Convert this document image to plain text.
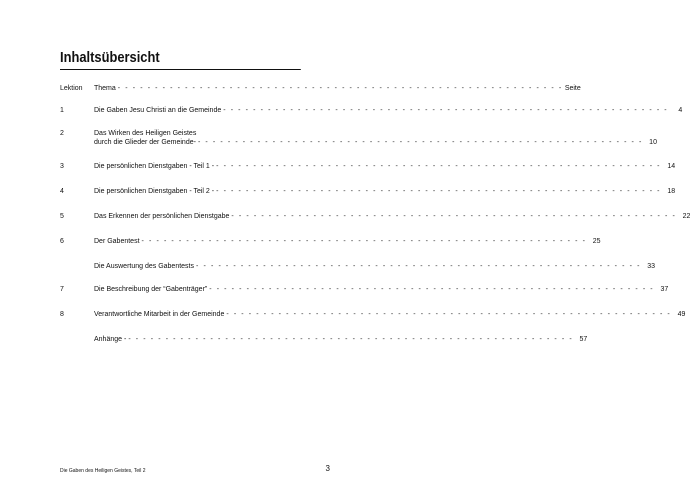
Inhaltsübersicht
Lektion	Thema - - - - - - - - - - - - - - - - - - - - - - - - - - - - - - - - - - - - - - - - - - - - - - - - - - - - - - - - - - - - Seite
1	Die Gaben Jesu Christi an die Gemeinde - - - - - - - - - - - - - - - - - - - - - - - - - - - - - - - - - - - - - - - - - - - - - - - - - - - - - - - - - - - -	4
2	Das Wirken des Heiligen Geistes
durch die Glieder der Gemeinde- - - - - - - - - - - - - - - - - - - - - - - - - - - - - - - - - - - - - - - - - - - - - - - - - - - - - - - - - - - - - 10
3	Die persönlichen Dienstgaben - Teil 1 - - - - - - - - - - - - - - - - - - - - - - - - - - - - - - - - - - - - - - - - - - - - - - - - - - - - - - - - - - - - - 14
4	Die persönlichen Dienstgaben - Teil 2 - - - - - - - - - - - - - - - - - - - - - - - - - - - - - - - - - - - - - - - - - - - - - - - - - - - - - - - - - - - - - 18
5	Das Erkennen der persönlichen Dienstgabe - - - - - - - - - - - - - - - - - - - - - - - - - - - - - - - - - - - - - - - - - - - - - - - - - - - - - - - - - - - - 22
6	Der Gabentest - - - - - - - - - - - - - - - - - - - - - - - - - - - - - - - - - - - - - - - - - - - - - - - - - - - - - - - - - - - - 25
Die Auswertung des Gabentests - - - - - - - - - - - - - - - - - - - - - - - - - - - - - - - - - - - - - - - - - - - - - - - - - - - - - - - - - - - - 33
7	Die Beschreibung der “Gabenträger” - - - - - - - - - - - - - - - - - - - - - - - - - - - - - - - - - - - - - - - - - - - - - - - - - - - - - - - - - - - - 37
8	Verantwortliche Mitarbeit in der Gemeinde - - - - - - - - - - - - - - - - - - - - - - - - - - - - - - - - - - - - - - - - - - - - - - - - - - - - - - - - - - - - 49
Anhänge - - - - - - - - - - - - - - - - - - - - - - - - - - - - - - - - - - - - - - - - - - - - - - - - - - - - - - - - - - - - - 57
Die Gaben des Heiligen Geistes, Teil 2	3
